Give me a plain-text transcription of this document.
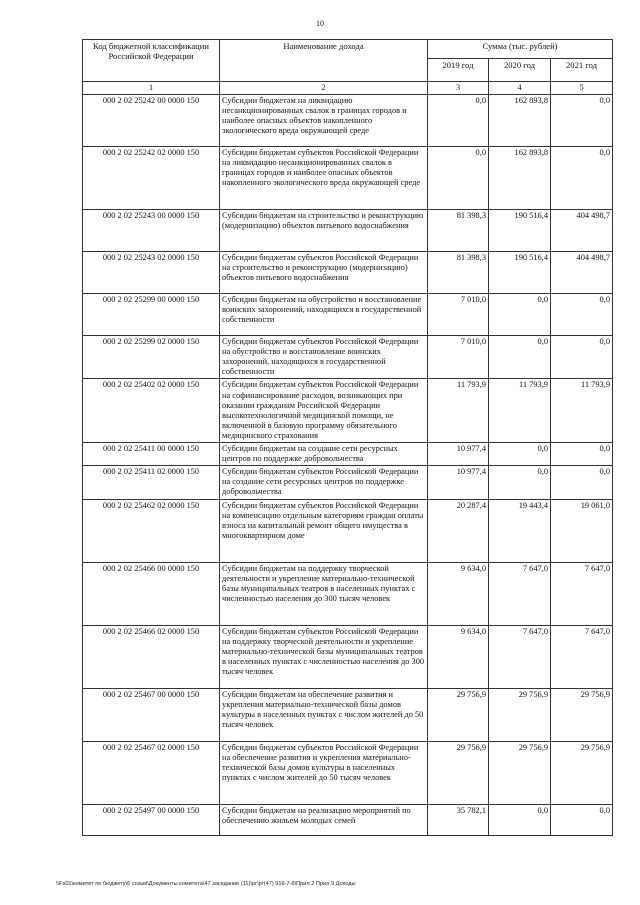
10
Код бюджетной классификации Российской Федерации	Наименование дохода	Сумма (тыс. рублей)		
		2019 год	2020 год	2021 год
1	2	3	4	5
000 2 02 25242 00 0000 150	Субсидии бюджетам на ликвидацию несанкционированных свалок в границах городов и наиболее опасных объектов накопленного экологического вреда окружающей среде	0,0	162 893,8	0,0
000 2 02 25242 02 0000 150	Субсидии бюджетам субъектов Российской Федерации на ликвидацию несанкционированных свалок в границах городов и наиболее опасных объектов накопленного экологического вреда окружающей среде	0,0	162 893,8	0,0
000 2 02 25243 00 0000 150	Субсидии бюджетам на строительство и реконструкцию (модернизацию) объектов питьевого водоснабжения	81 398,3	190 516,4	404 498,7
000 2 02 25243 02 0000 150	Субсидии бюджетам субъектов Российской Федерации на строительство и реконструкцию (модернизацию) объектов питьевого водоснабжения	81 398,3	190 516,4	404 498,7
000 2 02 25299 00 0000 150	Субсидии бюджетам на обустройство и восстановление воинских захоронений, находящихся в государственной собственности	7 010,0	0,0	0,0
000 2 02 25299 02 0000 150	Субсидии бюджетам субъектов Российской Федерации на обустройство и восстановление воинских захоронений, находящихся в государственной собственности	7 010,0	0,0	0,0
000 2 02 25402 02 0000 150	Субсидии бюджетам субъектов Российской Федерации на софинансирование расходов, возникающих при оказании гражданам Российской Федерации высокотехнологичной медицинской помощи, не включенной в базовую программу обязательного медицинского страхования	11 793,9	11 793,9	11 793,9
000 2 02 25411 00 0000 150	Субсидии бюджетам на создание сети ресурсных центров по поддержке добровольчества	10 977,4	0,0	0,0
000 2 02 25411 02 0000 150	Субсидии бюджетам субъектов Российской Федерации на создание сети ресурсных центров по поддержке добровольчества	10 977,4	0,0	0,0
000 2 02 25462 02 0000 150	Субсидии бюджетам субъектов Российской Федерации на компенсацию отдельным категориям граждан оплаты взноса на капитальный ремонт общего имущества в многоквартирном доме	20 287,4	19 443,4	19 061,0
000 2 02 25466 00 0000 150	Субсидии бюджетам на поддержку творческой деятельности и укрепление материально-технической базы муниципальных театров в населенных пунктах с численностью населения до 300 тысяч человек	9 634,0	7 647,0	7 647,0
000 2 02 25466 02 0000 150	Субсидии бюджетам субъектов Российской Федерации на поддержку творческой деятельности и укрепление материально-технической базы муниципальных театров в населенных пунктах с численностью населения до 300 тысяч человек	9 634,0	7 647,0	7 647,0
000 2 02 25467 00 0000 150	Субсидии бюджетам на обеспечение развития и укрепления материально-технической базы домов культуры в населенных пунктах с числом жителей до 50 тысяч человек	29 756,9	29 756,9	29 756,9
000 2 02 25467 02 0000 150	Субсидии бюджетам субъектов Российской Федерации на обеспечение развития и укрепления материально-технической базы домов культуры в населенных пунктах с числом жителей до 50 тысяч человек	29 756,9	29 756,9	29 756,9
000 2 02 25497 00 0000 150	Субсидии бюджетам на реализацию мероприятий по обеспечению жильем молодых семей	35 782,1	0,0	0,0
\\Fs01\комитет по бюджету\6 созыв\Документы комитета\47 заседание (11)\рг\рг(47) 916-7-6\Прил 2 Прил 9 Доходы
